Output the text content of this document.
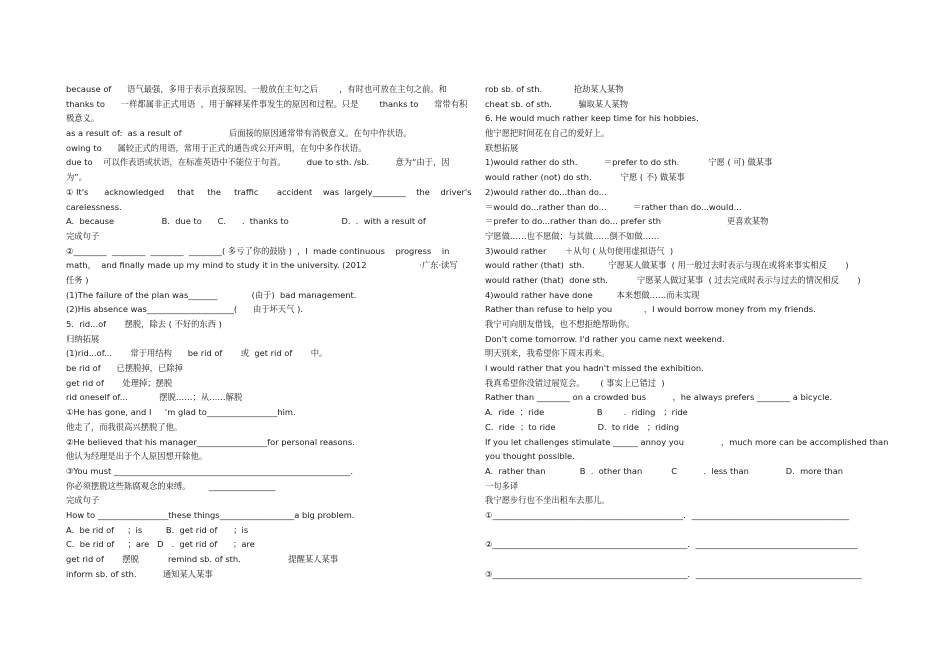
because of      语气最强，多用于表示直接原因。一般放在主句之后        ，有时也可放在主句之前。和
thanks to      一样都属非正式用语  ，用于解释某件事发生的原因和过程。只是        thanks to      常带有积
极意义。
as a result of:  as a result of                  后面接的原因通常带有消极意义。在句中作状语。
owing to      属较正式的用语，常用于正式的通告或公开声明，在句中多作状语。
due to    可以作表语或状语，在标准英语中不能位于句首。        due to sth. /sb.          意为“由于，因
为”。
① It's      acknowledged     that     the     traffic       accident    was  largely________    the    driver's
carelessness.
A.  because                  B.  due to      C.      .  thanks to                    D.  .  with a result of
完成句子
②________  ________  ________  ________( 多亏了你的鼓励 )  ，I  made continuous    progress    in
math，  and finally made up my mind to study it in the university. (2012                    ·广东·读写
任务 )
(1)The failure of the plan was_______             (由于)  bad management.
(2)His absence was_____________________(      由于坏天气 ).
5.  rid...of       摆脱，除去 ( 不好的东西 )
归纳拓展
(1)rid...of...       常于用结构      be rid of       或  get rid of       中。
be rid of      已摆脱掉，已除掉
get rid of       处理掉；摆脱
rid oneself of...            摆脱……；从……解脱
①He has gone, and I     ’m glad to_________________him.
他走了，而我很高兴摆脱了他。
②He believed that his manager_________________for personal reasons.
他认为经理是出于个人原因想开除他。
③You must _________________________________________________________.
你必须摆脱这些陈腐观念的束缚。       ________________
完成句子
How to _________________these things__________________a big problem.
A.  be rid of     ；is         B.  get rid of      ；is
C.  be rid of     ；are   D   .  get rid of      ；are
get rid of       摆脱           remind sb. of sth.                  提醒某人某事
inform sb. of sth.          通知某人某事
rob sb. of sth.            抢劫某人某物
cheat sb. of sth.          骗取某人某物
6. He would much rather keep time for his hobbies.
他宁愿把时间花在自己的爱好上。
联想拓展
1)would rather do sth.          ＝prefer to do sth.           宁愿 ( 可) 做某事
would rather (not) do sth.           宁愿 ( 不) 做某事
2)would rather do...than do...
＝would do...rather than do...          ＝rather than do...would...
＝prefer to do...rather than do... prefer sth                         更喜欢某物
宁愿做……也不愿做；与其做……倒不如做……
3)would rather       ＋从句 ( 从句使用虚拟语气  )
would rather (that)  sth.         宁愿某人做某事  ( 用一般过去时表示与现在或将来事实相反       )
would rather (that)  done sth.           宁愿某人做过某事  ( 过去完成时表示与过去的情况相反       )
4)would rather have done         本来想做……而未实现
Rather than refuse to help you            ，I would borrow money from my friends.
我宁可向朋友借钱，也不想拒绝帮助你。
Don't come tomorrow. I'd rather you came next weekend.
明天别来，我希望你下周末再来。
I would rather that you hadn't missed the exhibition.
我真希望你没错过展览会。      ( 事实上已错过  )
Rather than ________ on a crowded bus          ，he always prefers ________ a bicycle.
A.  ride  ；ride                    B        .  riding   ；ride
C.  ride  ；to ride                D.  to ride   ；riding
If you let challenges stimulate ______ annoy you              ，much more can be accomplished than
you thought possible.
A.  rather than             B  .  other than           C          .  less than              D.  more than
一句多译
我宁愿步行也不坐出租车去那儿。
①______________________________________________．______________________________________
②_______________________________________________．_______________________________________
③_______________________________________________．________________________________________
